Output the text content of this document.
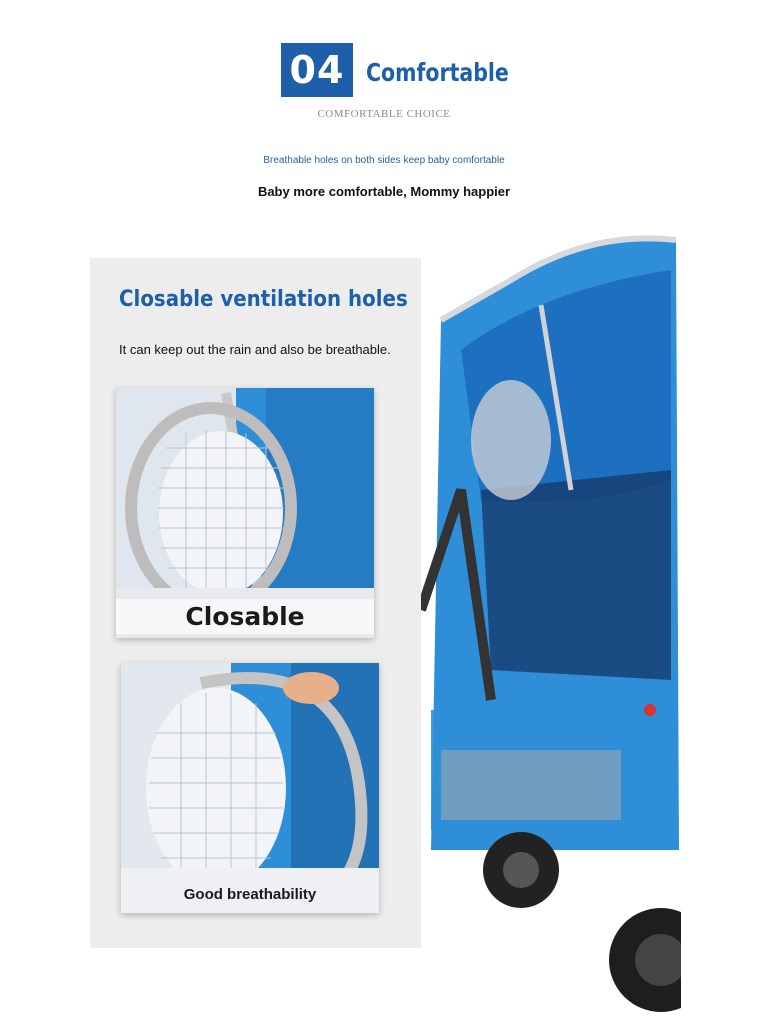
04 Comfortable
COMFORTABLE CHOICE
Breathable holes on both sides keep baby comfortable
Baby more comfortable, Mommy happier
Closable ventilation holes
It can keep out the rain and also be breathable.
Closable
Good breathability
